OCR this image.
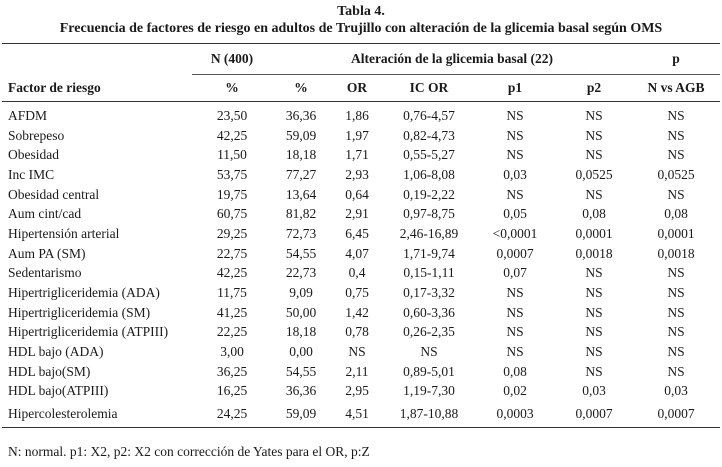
Tabla 4.
Frecuencia de factores de riesgo en adultos de Trujillo con alteración de la glicemia basal según OMS
	N (400)	Alteración de la glicemia basal (22)					p
Factor de riesgo	%	%	OR	IC OR	p1	p2	N vs AGB
AFDM	23,50	36,36	1,86	0,76-4,57	NS	NS	NS
Sobrepeso	42,25	59,09	1,97	0,82-4,73	NS	NS	NS
Obesidad	11,50	18,18	1,71	0,55-5,27	NS	NS	NS
Inc IMC	53,75	77,27	2,93	1,06-8,08	0,03	0,0525	0,0525
Obesidad central	19,75	13,64	0,64	0,19-2,22	NS	NS	NS
Aum cint/cad	60,75	81,82	2,91	0,97-8,75	0,05	0,08	0,08
Hipertensión arterial	29,25	72,73	6,45	2,46-16,89	<0,0001	0,0001	0,0001
Aum PA (SM)	22,75	54,55	4,07	1,71-9,74	0,0007	0,0018	0,0018
Sedentarismo	42,25	22,73	0,4	0,15-1,11	0,07	NS	NS
Hipertrigliceridemia (ADA)	11,75	9,09	0,75	0,17-3,32	NS	NS	NS
Hipertrigliceridemia (SM)	41,25	50,00	1,42	0,60-3,36	NS	NS	NS
Hipertrigliceridemia (ATPIII)	22,25	18,18	0,78	0,26-2,35	NS	NS	NS
HDL bajo (ADA)	3,00	0,00	NS	NS	NS	NS	NS
HDL bajo(SM)	36,25	54,55	2,11	0,89-5,01	0,08	NS	NS
HDL bajo(ATPIII)	16,25	36,36	2,95	1,19-7,30	0,02	0,03	0,03
Hipercolesterolemia	24,25	59,09	4,51	1,87-10,88	0,0003	0,0007	0,0007
N: normal. p1: X2, p2: X2 con corrección de Yates para el OR, p:Z
